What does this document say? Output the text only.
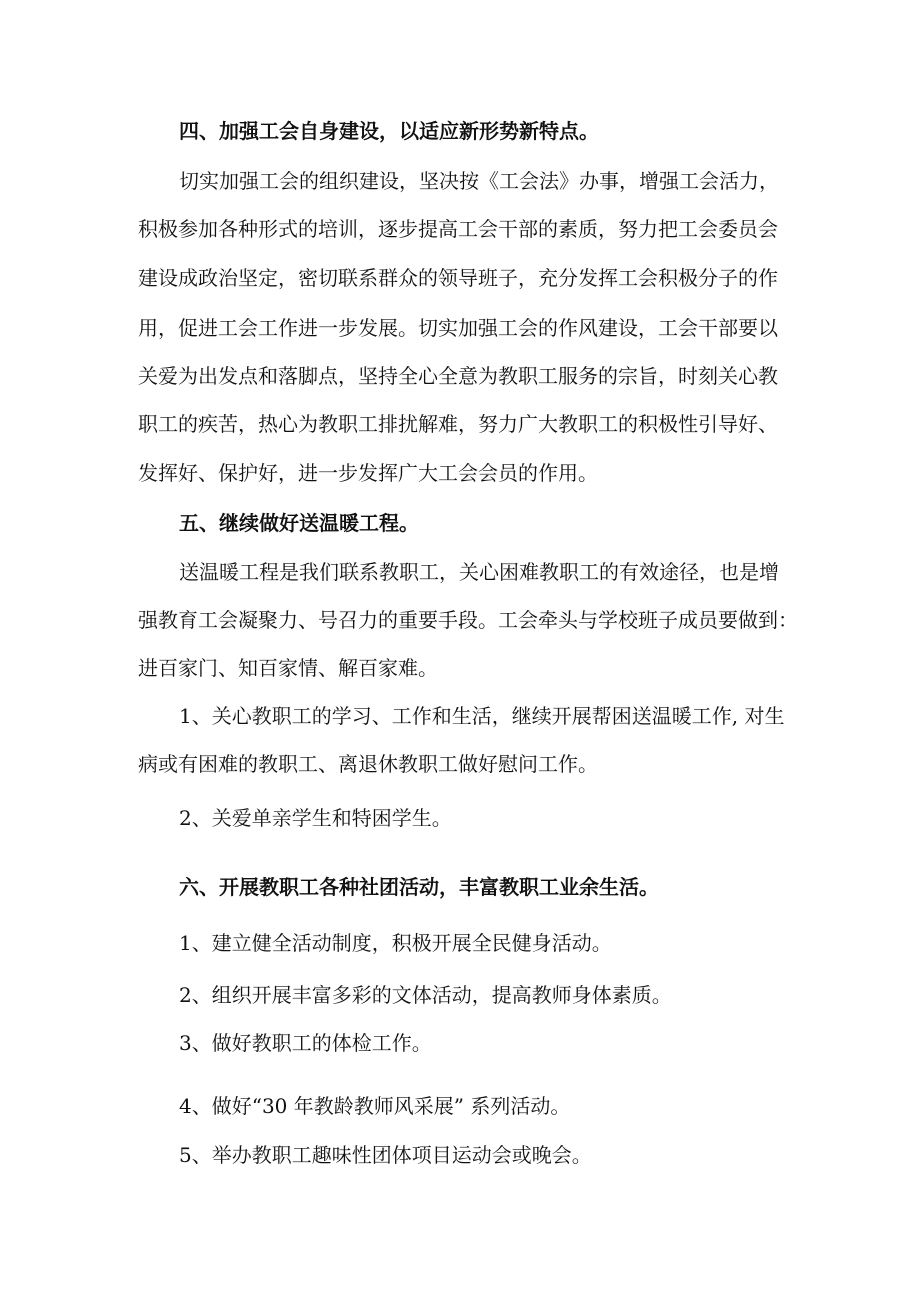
四、加强工会自身建设，以适应新形势新特点。
切实加强工会的组织建设，坚决按《工会法》办事，增强工会活力，
积极参加各种形式的培训，逐步提高工会干部的素质，努力把工会委员会
建设成政治坚定，密切联系群众的领导班子，充分发挥工会积极分子的作
用，促进工会工作进一步发展。切实加强工会的作风建设，工会干部要以
关爱为出发点和落脚点，坚持全心全意为教职工服务的宗旨，时刻关心教
职工的疾苦，热心为教职工排扰解难，努力广大教职工的积极性引导好、
发挥好、保护好，进一步发挥广大工会会员的作用。
五、继续做好送温暖工程。
送温暖工程是我们联系教职工，关心困难教职工的有效途径，也是增
强教育工会凝聚力、号召力的重要手段。工会牵头与学校班子成员要做到：
进百家门、知百家情、解百家难。
1、关心教职工的学习、工作和生活，继续开展帮困送温暖工作, 对生
病或有困难的教职工、离退休教职工做好慰问工作。
2、关爱单亲学生和特困学生。
六、开展教职工各种社团活动，丰富教职工业余生活。
1、建立健全活动制度，积极开展全民健身活动。
2、组织开展丰富多彩的文体活动，提高教师身体素质。
3、做好教职工的体检工作。
4、做好“30 年教龄教师风采展” 系列活动。
5、举办教职工趣味性团体项目运动会或晚会。
